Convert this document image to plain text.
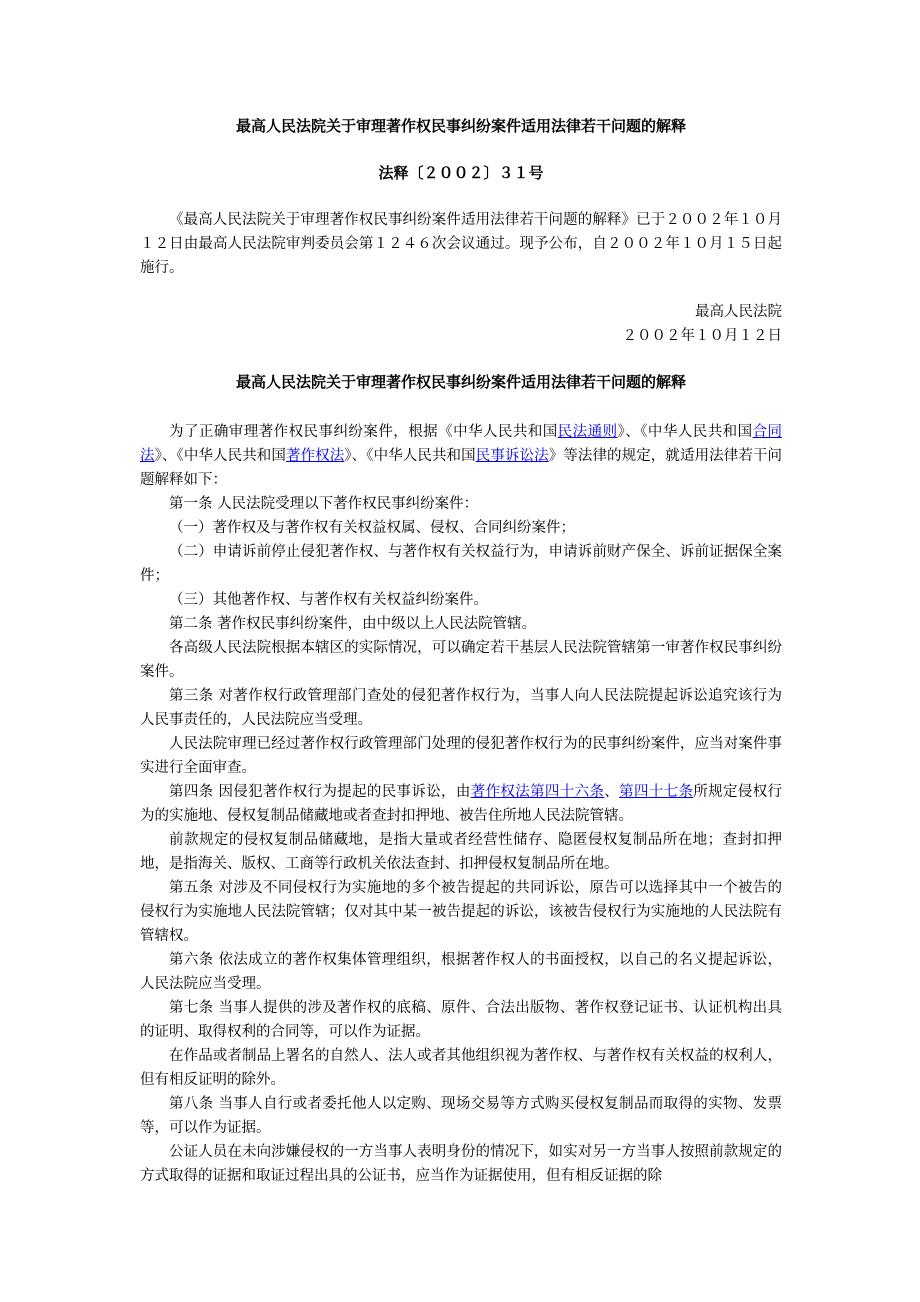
最高人民法院关于审理著作权民事纠纷案件适用法律若干问题的解释
法释〔２００２〕３１号

《最高人民法院关于审理著作权民事纠纷案件适用法律若干问题的解释》已于２００２年１０月１２日由最高人民法院审判委员会第１２４６次会议通过。现予公布，自２００２年１０月１５日起施行。

最高人民法院
２００２年１０月１２日
最高人民法院关于审理著作权民事纠纷案件适用法律若干问题的解释

为了正确审理著作权民事纠纷案件，根据《中华人民共和国民法通则》、《中华人民共和国合同法》、《中华人民共和国著作权法》、《中华人民共和国民事诉讼法》等法律的规定，就适用法律若干问题解释如下：

第一条 人民法院受理以下著作权民事纠纷案件：

（一）著作权及与著作权有关权益权属、侵权、合同纠纷案件；

（二）申请诉前停止侵犯著作权、与著作权有关权益行为，申请诉前财产保全、诉前证据保全案件；

（三）其他著作权、与著作权有关权益纠纷案件。

第二条 著作权民事纠纷案件，由中级以上人民法院管辖。

各高级人民法院根据本辖区的实际情况，可以确定若干基层人民法院管辖第一审著作权民事纠纷案件。

第三条 对著作权行政管理部门查处的侵犯著作权行为，当事人向人民法院提起诉讼追究该行为人民事责任的，人民法院应当受理。

人民法院审理已经过著作权行政管理部门处理的侵犯著作权行为的民事纠纷案件，应当对案件事实进行全面审查。

第四条 因侵犯著作权行为提起的民事诉讼，由著作权法第四十六条、第四十七条所规定侵权行为的实施地、侵权复制品储藏地或者查封扣押地、被告住所地人民法院管辖。

前款规定的侵权复制品储藏地，是指大量或者经营性储存、隐匿侵权复制品所在地；查封扣押地，是指海关、版权、工商等行政机关依法查封、扣押侵权复制品所在地。

第五条 对涉及不同侵权行为实施地的多个被告提起的共同诉讼，原告可以选择其中一个被告的侵权行为实施地人民法院管辖；仅对其中某一被告提起的诉讼，该被告侵权行为实施地的人民法院有管辖权。

第六条 依法成立的著作权集体管理组织，根据著作权人的书面授权，以自己的名义提起诉讼，人民法院应当受理。

第七条 当事人提供的涉及著作权的底稿、原件、合法出版物、著作权登记证书、认证机构出具的证明、取得权利的合同等，可以作为证据。

在作品或者制品上署名的自然人、法人或者其他组织视为著作权、与著作权有关权益的权利人，但有相反证明的除外。

第八条 当事人自行或者委托他人以定购、现场交易等方式购买侵权复制品而取得的实物、发票等，可以作为证据。

公证人员在未向涉嫌侵权的一方当事人表明身份的情况下，如实对另一方当事人按照前款规定的方式取得的证据和取证过程出具的公证书，应当作为证据使用，但有相反证据的除
